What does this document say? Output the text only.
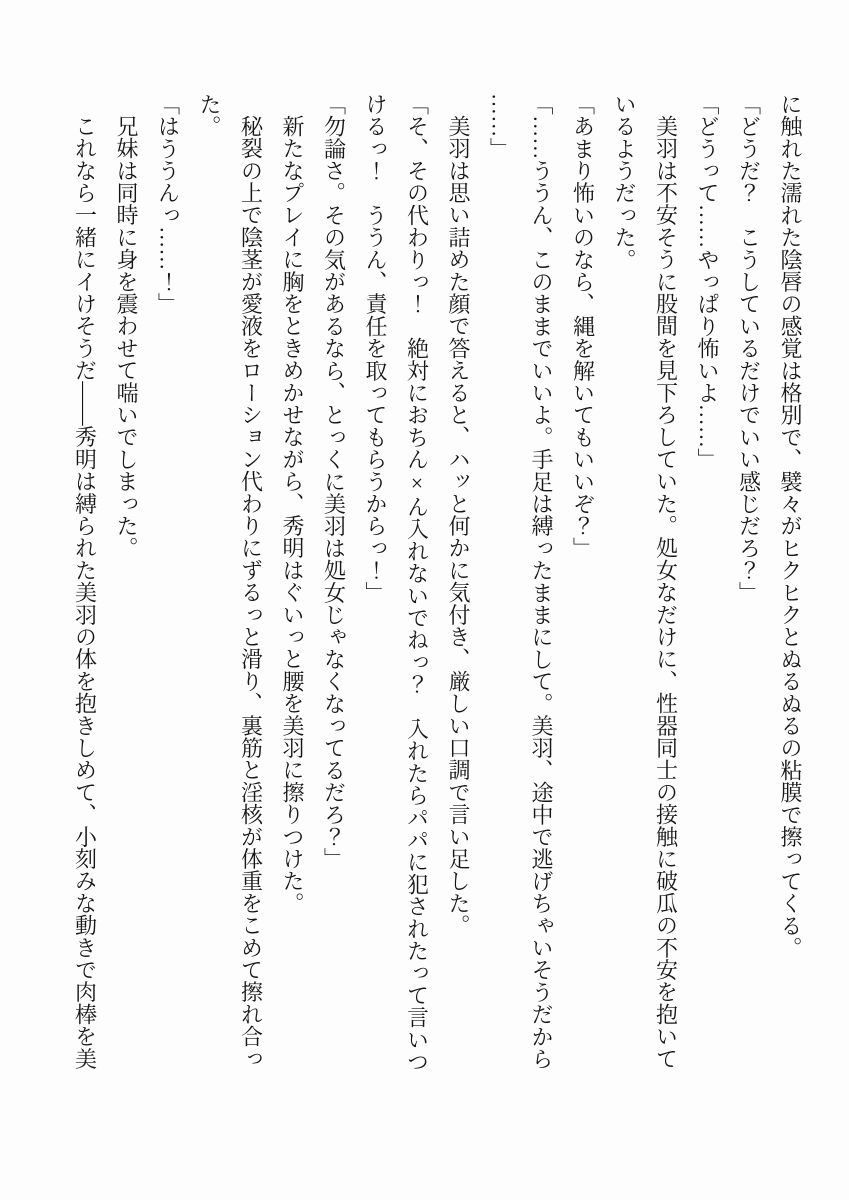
に触れた濡れた陰唇の感覚は格別で、襞々がヒクヒクとぬるぬるの粘膜で擦ってくる。

「どうだ？　こうしているだけでいい感じだろ？」

「どうって……やっぱり怖いよ……」

美羽は不安そうに股間を見下ろしていた。処女なだけに、性器同士の接触に破瓜の不安を抱いて

いるようだった。

「あまり怖いのなら、縄を解いてもいいぞ？」

「……ううん、このままでいいよ。手足は縛ったままにして。美羽、途中で逃げちゃいそうだから

……」

美羽は思い詰めた顔で答えると、ハッと何かに気付き、厳しい口調で言い足した。

「そ、その代わりっ！　絶対におちん×ん入れないでねっ？　入れたらパパに犯されたって言いつ

けるっ！　ううん、責任を取ってもらうからっ！」

「勿論さ。その気があるなら、とっくに美羽は処女じゃなくなってるだろ？」

新たなプレイに胸をときめかせながら、秀明はぐいっと腰を美羽に擦りつけた。

秘裂の上で陰茎が愛液をローション代わりにずるっと滑り、裏筋と淫核が体重をこめて擦れ合っ

た。

「はううんっ……！」

兄妹は同時に身を震わせて喘いでしまった。

これなら一緒にイけそうだ――秀明は縛られた美羽の体を抱きしめて、小刻みな動きで肉棒を美
